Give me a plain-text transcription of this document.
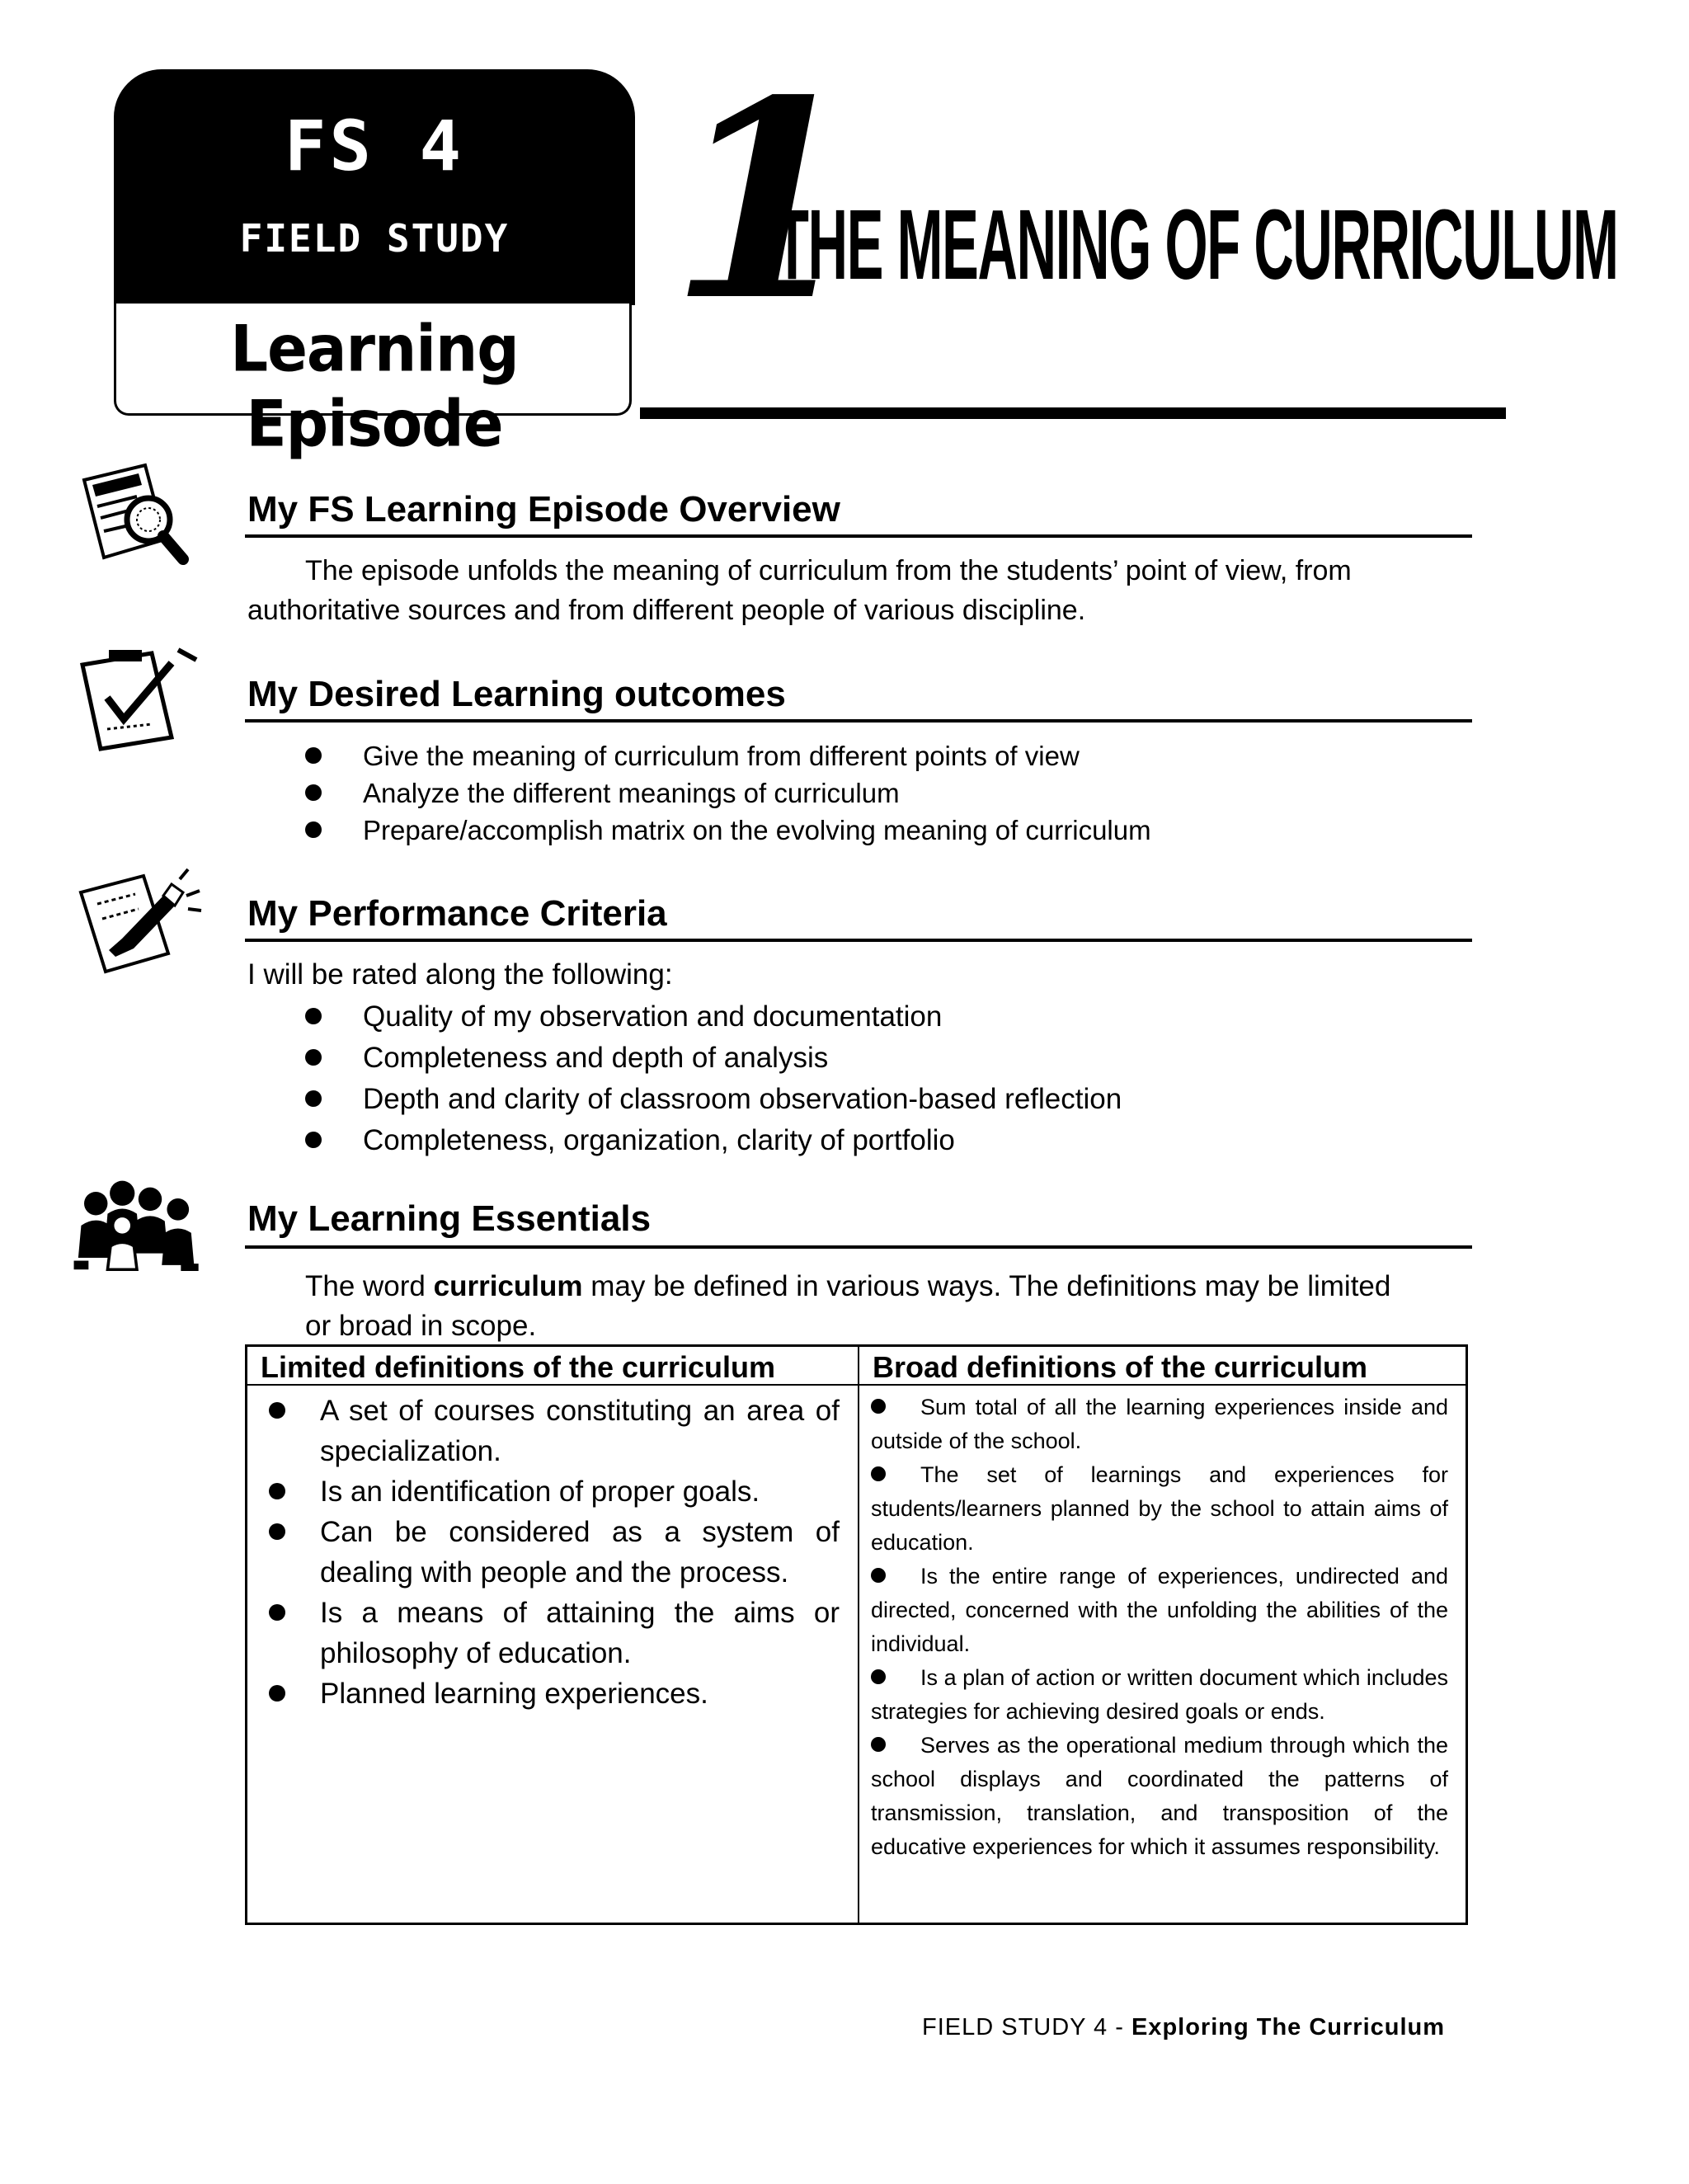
FS 4
FIELD STUDY
Learning Episode
1
THE MEANING OF CURRICULUM
My FS Learning Episode Overview
The episode unfolds the meaning of curriculum from the students’ point of view, from
authoritative sources and from different people of various discipline.
My Desired Learning outcomes
Give the meaning of curriculum from different points of view
Analyze the different meanings of curriculum
Prepare/accomplish matrix on the evolving meaning of curriculum
My Performance Criteria
I will be rated along the following:
Quality of my observation and documentation
Completeness and depth of analysis
Depth and clarity of classroom observation-based reflection
Completeness, organization, clarity of portfolio
My Learning Essentials
The word curriculum may be defined in various ways. The definitions may be limited
or broad in scope.
Limited definitions of the curriculum	Broad definitions of the curriculum
A set of courses constituting an area of specialization.
Is an identification of proper goals.
Can be considered as a system of dealing with people and the process.
Is a means of attaining the aims or philosophy of education.
Planned learning experiences.

Sum total of all the learning experiences inside and outside of the school.

The set of learnings and experiences for students/learners planned by the school to attain aims of education.

Is the entire range of experiences, undirected and directed, concerned with the unfolding the abilities of the individual.

Is a plan of action or written document which includes strategies for achieving desired goals or ends.

Serves as the operational medium through which the school displays and coordinated the patterns of transmission, translation, and transposition of the educative experiences for which it assumes responsibility.

FIELD STUDY 4 - Exploring The Curriculum
